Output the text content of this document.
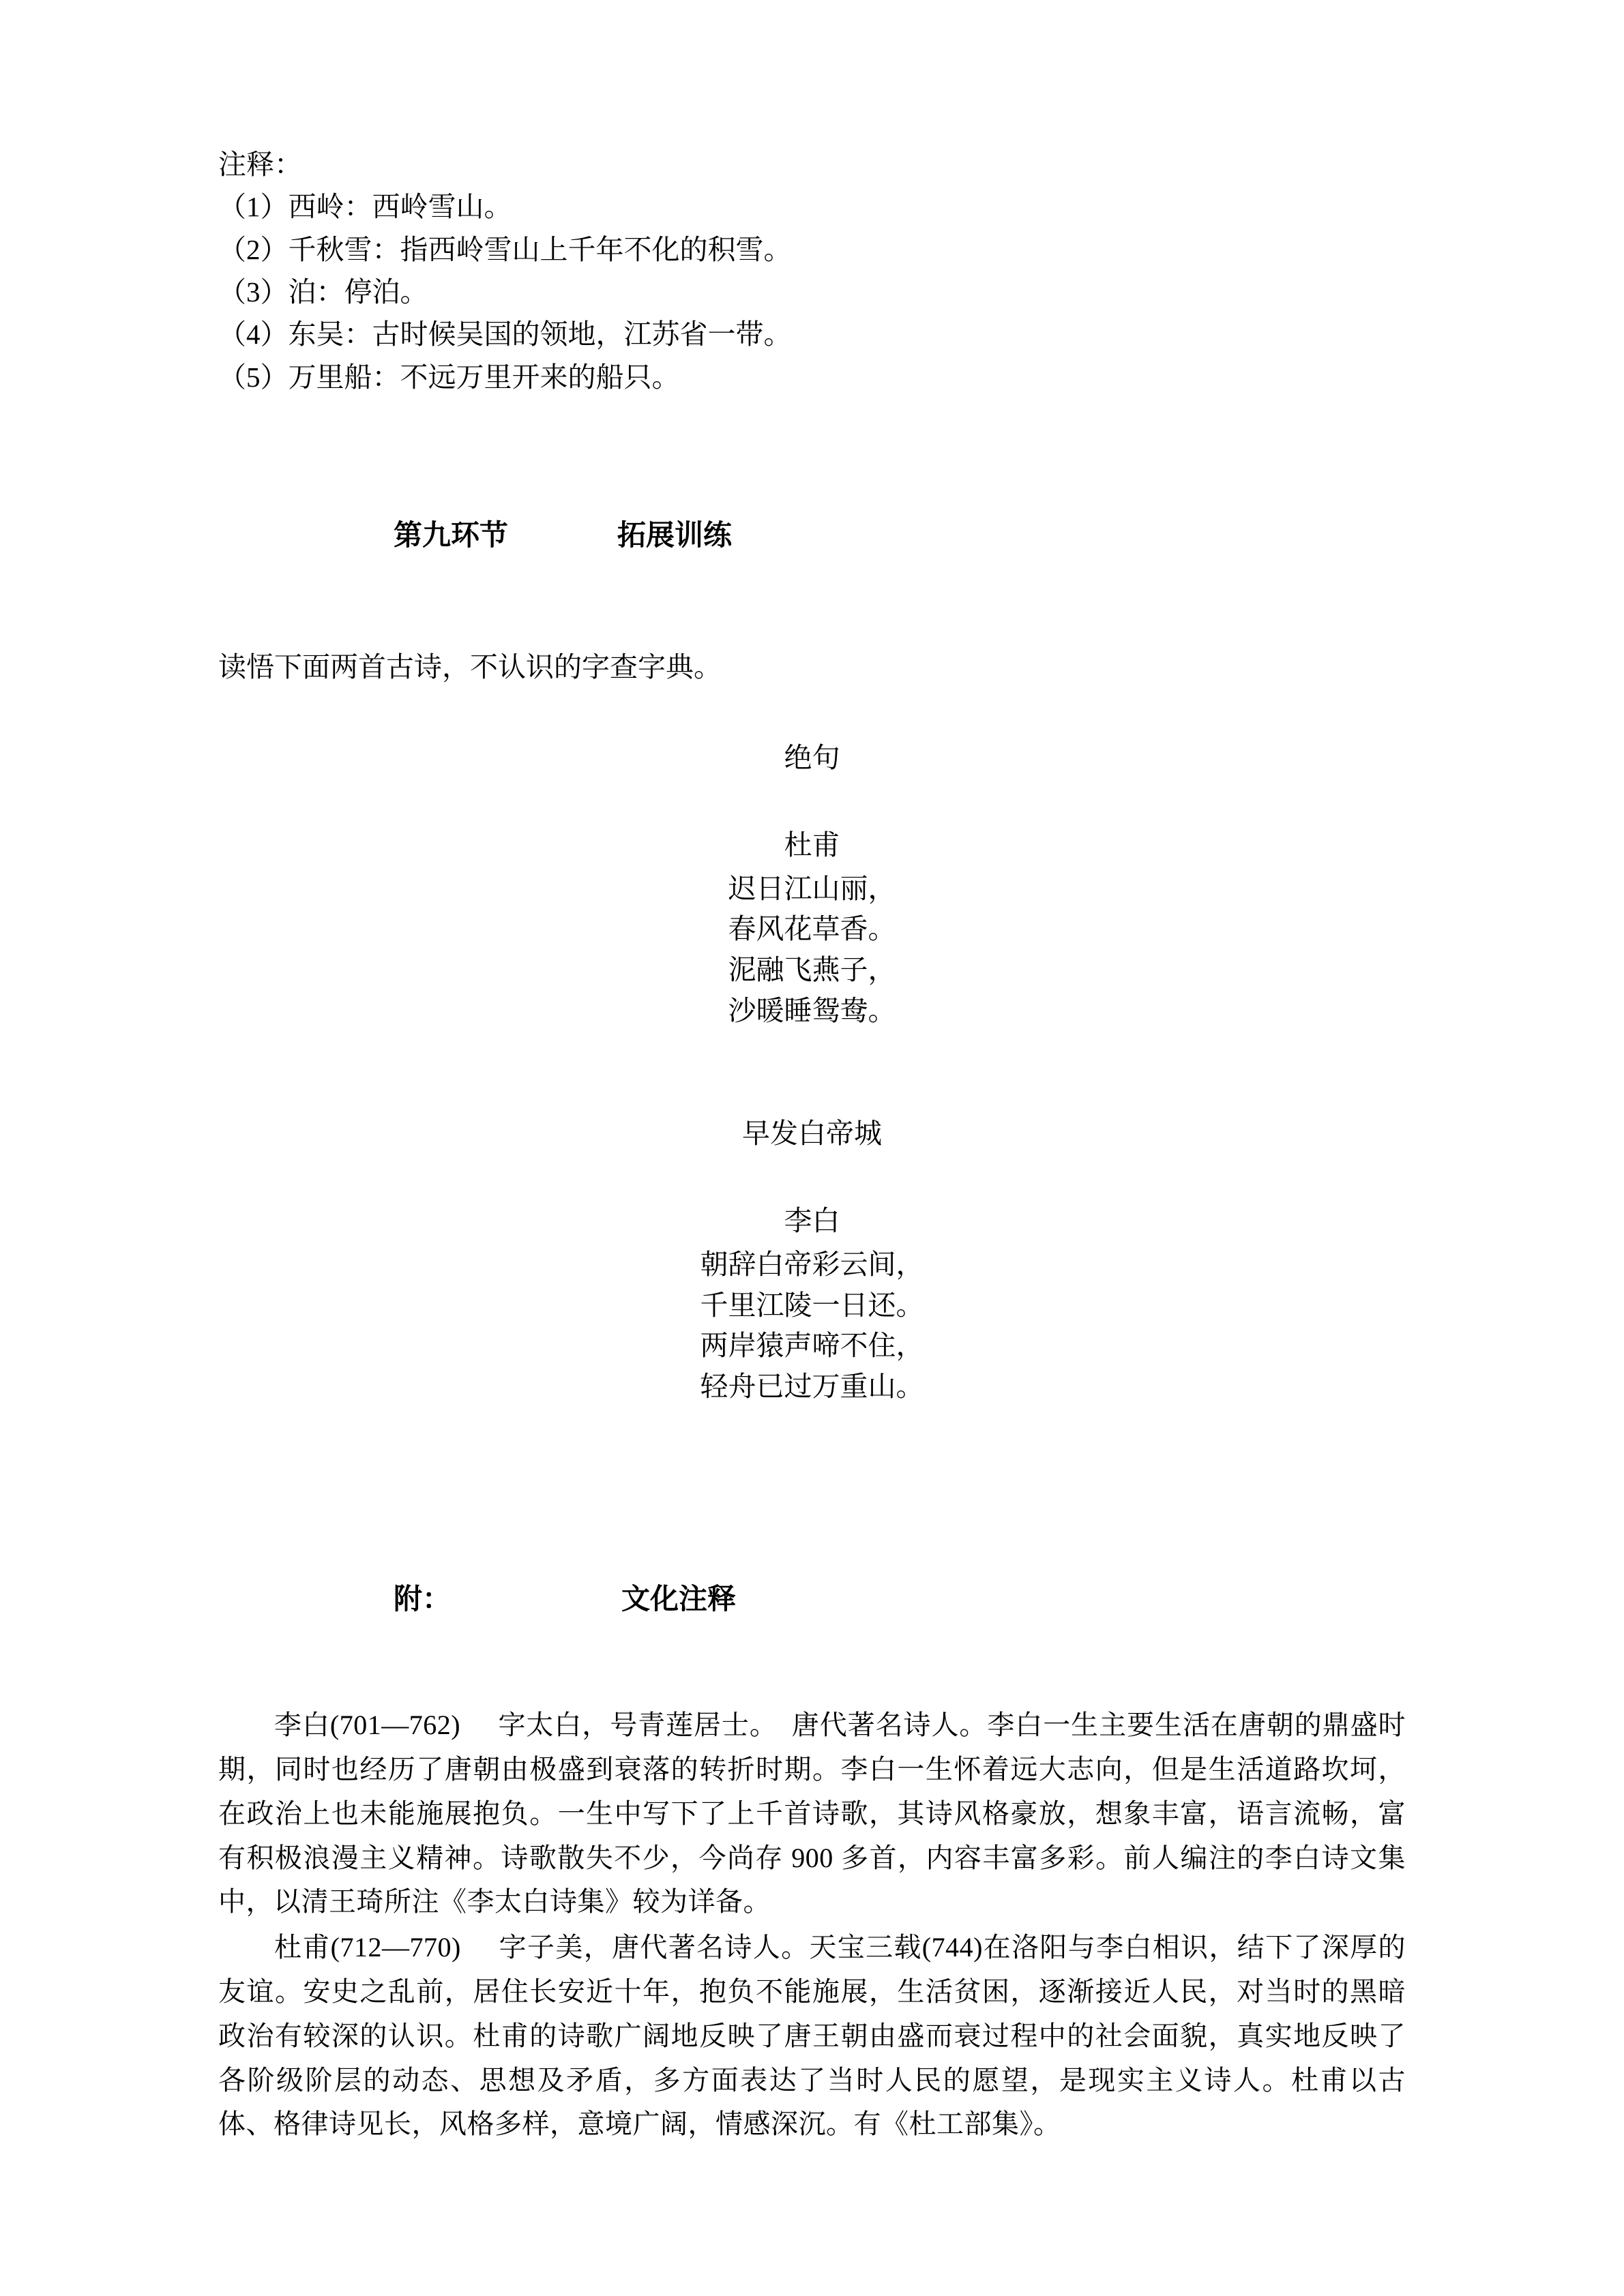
注释：
（1）西岭：西岭雪山。
（2）千秋雪：指西岭雪山上千年不化的积雪。
（3）泊：停泊。
（4）东吴：古时候吴国的领地，江苏省一带。
（5）万里船：不远万里开来的船只。

第九环节	拓展训练

读悟下面两首古诗，不认识的字查字典。
绝句
杜甫
迟日江山丽，
春风花草香。
泥融飞燕子，
沙暖睡鸳鸯。
早发白帝城
李白
朝辞白帝彩云间，
千里江陵一日还。
两岸猿声啼不住，
轻舟已过万重山。

附：	文化注释

李白(701—762) 字太白，号青莲居士。　唐代著名诗人。李白一生主要生活在唐朝的鼎盛时期，同时也经历了唐朝由极盛到衰落的转折时期。李白一生怀着远大志向，但是生活道路坎坷，在政治上也未能施展抱负。一生中写下了上千首诗歌，其诗风格豪放，想象丰富，语言流畅，富有积极浪漫主义精神。诗歌散失不少，今尚存 900 多首，内容丰富多彩。前人编注的李白诗文集中，以清王琦所注《李太白诗集》较为详备。

杜甫(712—770) 字子美，唐代著名诗人。天宝三载(744)在洛阳与李白相识，结下了深厚的友谊。安史之乱前，居住长安近十年，抱负不能施展，生活贫困，逐渐接近人民，对当时的黑暗政治有较深的认识。杜甫的诗歌广阔地反映了唐王朝由盛而衰过程中的社会面貌，真实地反映了各阶级阶层的动态、思想及矛盾，多方面表达了当时人民的愿望，是现实主义诗人。杜甫以古体、格律诗见长，风格多样，意境广阔，情感深沉。有《杜工部集》。
